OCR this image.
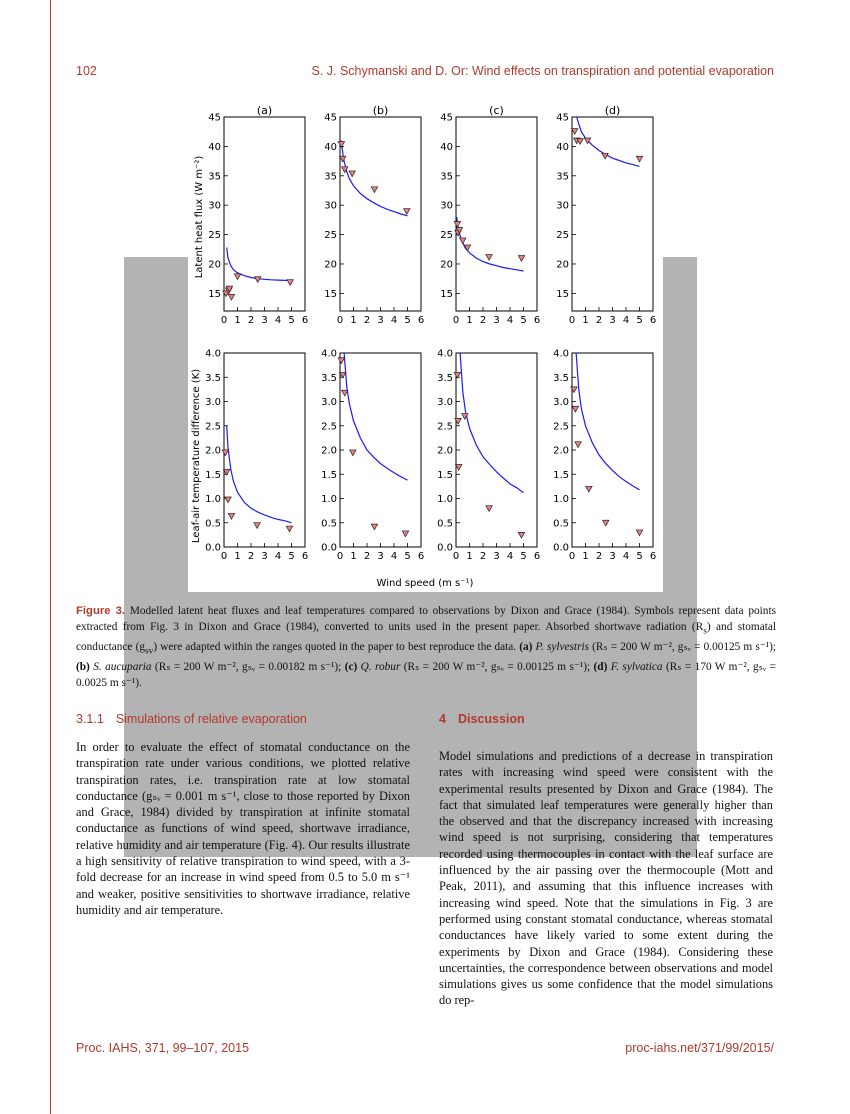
102	S. J. Schymanski and D. Or: Wind effects on transpiration and potential evaporation
Latent heat flux (W m⁻²)
Leaf-air temperature difference (K)
Wind speed (m s⁻¹)
0 1 2 3 4 5 6
15
20
25
30
35
40
45
(a)
0 1 2 3 4 5 6
15
20
25
30
35
40
45
(b)
0 1 2 3 4 5 6
15
20
25
30
35
40
45
(c)
0 1 2 3 4 5 6
15
20
25
30
35
40
45
(d)
0 1 2 3 4 5 6
0.0
0.5
1.0
1.5
2.0
2.5
3.0
3.5
4.0
0 1 2 3 4 5 6
0.0
0.5
1.0
1.5
2.0
2.5
3.0
3.5
4.0
0 1 2 3 4 5 6
0.0
0.5
1.0
1.5
2.0
2.5
3.0
3.5
4.0
0 1 2 3 4 5 6
0.0
0.5
1.0
1.5
2.0
2.5
3.0
3.5
4.0
Figure 3. Modelled latent heat fluxes and leaf temperatures compared to observations by Dixon and Grace (1984). Symbols represent data points extracted from Fig. 3 in Dixon and Grace (1984), converted to units used in the present paper. Absorbed shortwave radiation $(R_s)$ and stomatal conductance $(g_{sv})$ were adapted within the ranges quoted in the paper to best reproduce the data. (a) P. sylvestris (Rₛ = 200 W m⁻², gₛᵥ = 0.00125 m s⁻¹);(b) S. aucuparia (Rₛ = 200 W m⁻², gₛᵥ = 0.00182 m s⁻¹); (c) Q. robur (Rₛ = 200 W m⁻², gₛᵥ = 0.00125 m s⁻¹); (d) F. sylvatica (Rₛ = 170 W m⁻², gₛᵥ = 0.0025 m s⁻¹).
3.1.1 Simulations of relative evaporation	4 Discussion

In order to evaluate the effect of stomatal conductance on the transpiration rate under various conditions, we plotted relative transpiration rates, i.e. transpiration rate at low stomatal conductance (gₛᵥ = 0.001 m s⁻¹, close to those reported by Dixon and Grace, 1984) divided by transpiration at infinite stomatal conductance as functions of wind speed, shortwave irradiance, relative humidity and air temperature (Fig. 4). Our results illustrate a high sensitivity of relative transpiration to wind speed, with a 3-fold decrease for an increase in wind speed from 0.5 to 5.0 m s⁻¹ and weaker, positive sensitivities to shortwave irradiance, relative humidity and air temperature.

Model simulations and predictions of a decrease in transpiration rates with increasing wind speed were consistent with the experimental results presented by Dixon and Grace (1984). The fact that simulated leaf temperatures were generally higher than the observed and that the discrepancy increased with increasing wind speed is not surprising, considering that temperatures recorded using thermocouples in contact with the leaf surface are influenced by the air passing over the thermocouple (Mott and Peak, 2011), and assuming that this influence increases with increasing wind speed. Note that the simulations in Fig. 3 are performed using constant stomatal conductance, whereas stomatal conductances have likely varied to some extent during the experiments by Dixon and Grace (1984). Considering these uncertainties, the correspondence between observations and model simulations gives us some confidence that the model simulations do rep-

Proc. IAHS, 371, 99–107, 2015	proc-iahs.net/371/99/2015/
